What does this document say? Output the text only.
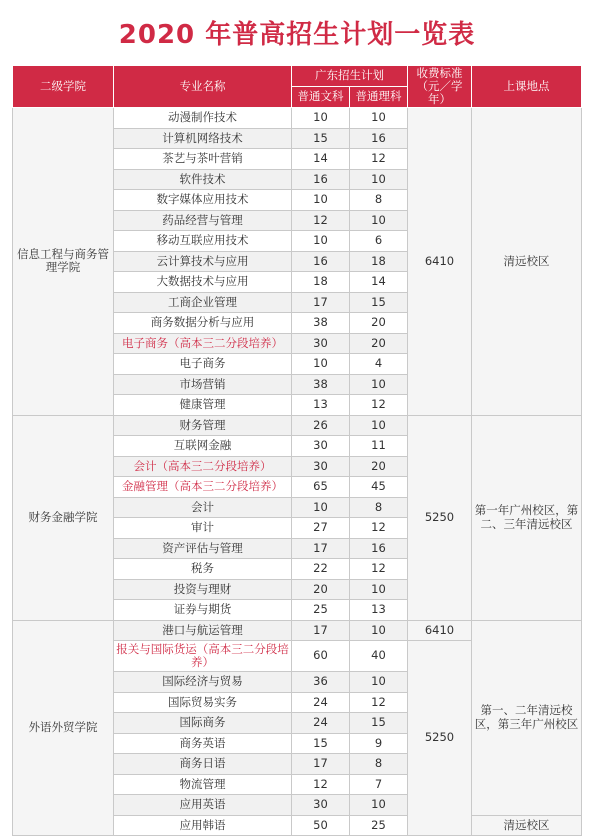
2020 年普高招生计划一览表
二级学院	专业名称	广东招生计划		收费标准（元／学年）	上课地点
		普通文科	普通理科		
信息工程与商务管理学院	动漫制作技术	10	10	6410	清远校区
	计算机网络技术	15	16		
	茶艺与茶叶营销	14	12		
	软件技术	16	10		
	数字媒体应用技术	10	8		
	药品经营与管理	12	10		
	移动互联应用技术	10	6		
	云计算技术与应用	16	18		
	大数据技术与应用	18	14		
	工商企业管理	17	15		
	商务数据分析与应用	38	20		
	电子商务（高本三二分段培养）	30	20		
	电子商务	10	4		
	市场营销	38	10		
	健康管理	13	12		
财务金融学院	财务管理	26	10	5250	第一年广州校区，第二、三年清远校区
	互联网金融	30	11		
	会计（高本三二分段培养）	30	20		
	金融管理（高本三二分段培养）	65	45		
	会计	10	8		
	审计	27	12		
	资产评估与管理	17	16		
	税务	22	12		
	投资与理财	20	10		
	证券与期货	25	13		
外语外贸学院	港口与航运管理	17	10	6410	第一、二年清远校区，第三年广州校区
	报关与国际货运（高本三二分段培养）	60	40	5250	
	国际经济与贸易	36	10		
	国际贸易实务	24	12		
	国际商务	24	15		
	商务英语	15	9		
	商务日语	17	8		
	物流管理	12	7		
	应用英语	30	10		
	应用韩语	50	25		清远校区
